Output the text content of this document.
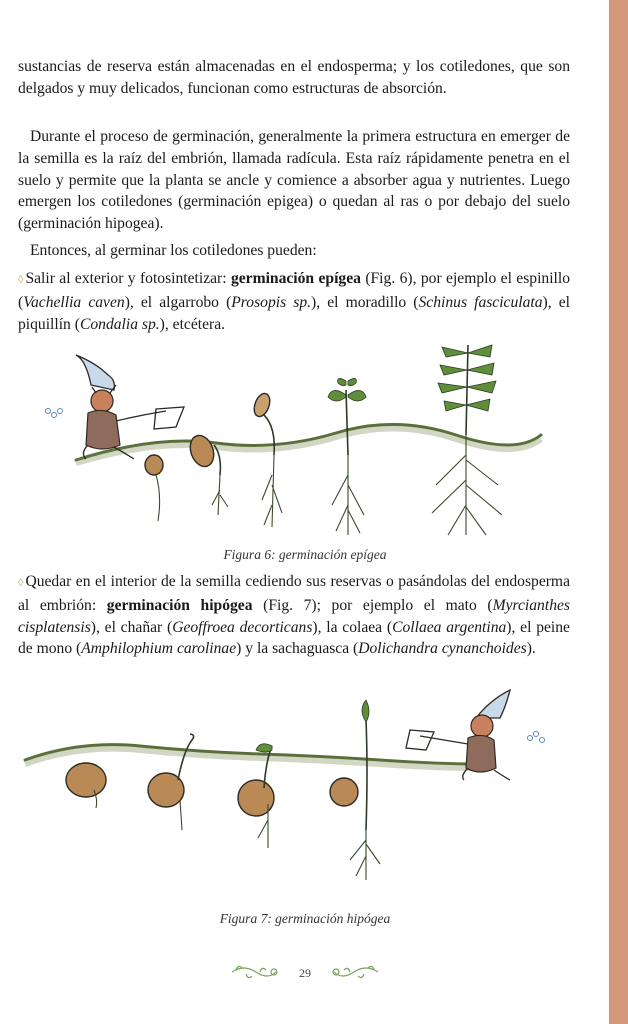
sustancias de reserva están almacenadas en el endosperma; y los cotiledones, que son delgados y muy delicados, funcionan como estructuras de absorción.

Durante el proceso de germinación, generalmente la primera estructura en emerger de la semilla es la raíz del embrión, llamada radícula. Esta raíz rápidamente penetra en el suelo y permite que la planta se ancle y comience a absorber agua y nutrientes. Luego emergen los cotiledones (germinación epigea) o quedan al ras o por debajo del suelo (germinación hipogea).

Entonces, al germinar los cotiledones pueden:

◊ Salir al exterior y fotosintetizar: germinación epígea (Fig. 6), por ejemplo el espinillo (Vachellia caven), el algarrobo (Prosopis sp.), el moradillo (Schinus fasciculata), el piquillín (Condalia sp.), etcétera.

Figura 6: germinación epígea

◊ Quedar en el interior de la semilla cediendo sus reservas o pasándolas del endosperma al embrión: germinación hipógea (Fig. 7); por ejemplo el mato (Myrcianthes cisplatensis), el chañar (Geoffroea decorticans), la colaea (Collaea argentina), el peine de mono (Amphilophium carolinae) y la sachaguasca (Dolichandra cynanchoides).

Figura 7: germinación hipógea
29
